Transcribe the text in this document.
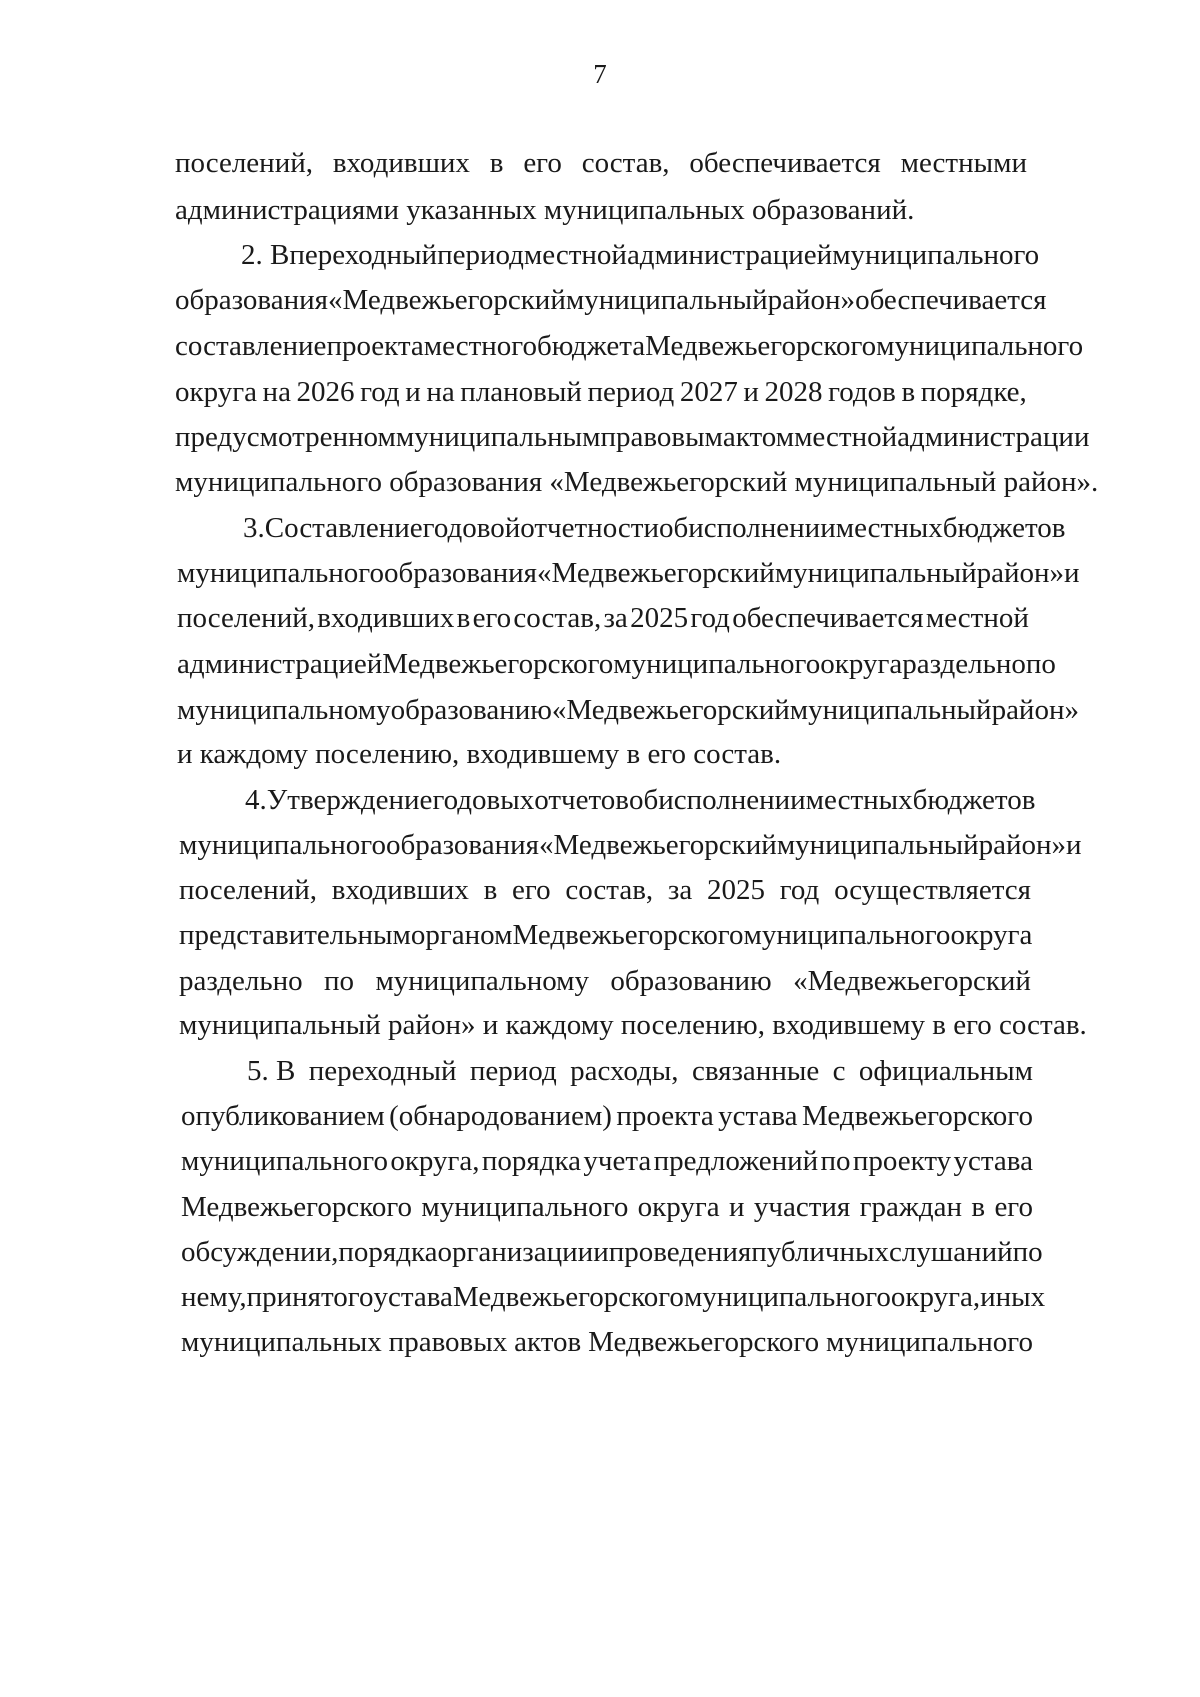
7
поселений, входивших в его состав, обеспечивается местными
администрациями указанных муниципальных образований.
2. В переходный период местной администрацией муниципального
образования «Медвежьегорский муниципальный район» обеспечивается
составление проекта местного бюджета Медвежьегорского муниципального
округа на 2026 год и на плановый период 2027 и 2028 годов в порядке,
предусмотренном муниципальным правовым актом местной администрации
муниципального образования «Медвежьегорский муниципальный район».
3. Составление годовой отчетности об исполнении местных бюджетов
муниципального образования «Медвежьегорский муниципальный район» и
поселений, входивших в его состав, за 2025 год обеспечивается местной
администрацией Медвежьегорского муниципального округа раздельно по
муниципальному образованию «Медвежьегорский муниципальный район»
и каждому поселению, входившему в его состав.
4. Утверждение годовых отчетов об исполнении местных бюджетов
муниципального образования «Медвежьегорский муниципальный район» и
поселений, входивших в его состав, за 2025 год осуществляется
представительным органом Медвежьегорского муниципального округа
раздельно по муниципальному образованию «Медвежьегорский
муниципальный район» и каждому поселению, входившему в его состав.
5. В переходный период расходы, связанные с официальным
опубликованием (обнародованием) проекта устава Медвежьегорского
муниципального округа, порядка учета предложений по проекту устава
Медвежьегорского муниципального округа и участия граждан в его
обсуждении, порядка организации и проведения публичных слушаний по
нему, принятого устава Медвежьегорского муниципального округа, иных
муниципальных правовых актов Медвежьегорского муниципального
